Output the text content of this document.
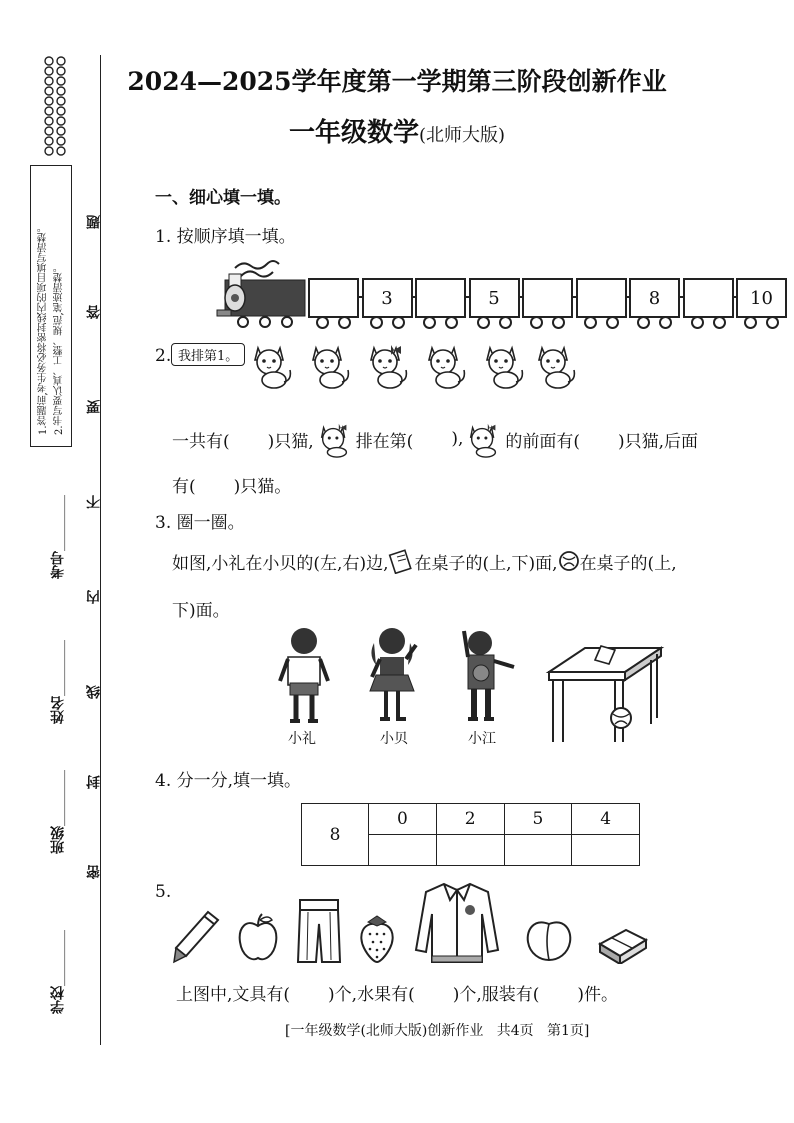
1.答题前,考生务必将密封线内的项目填写清楚。 2.书写要认真、工整、规范,笔迹清楚。
题
答
要
不
内
线
封
密
学校________
班级________
姓名________
考号________
2024—2025学年度第一学期第三阶段创新作业
一年级数学(北师大版)
一、细心填一填。
1. 按顺序填一填。
3	5	8	10
2. 我排第1。
一共有( )只猫, 排在第( ), 的前面有( )只猫,后面
有( )只猫。
3. 圈一圈。
如图,小礼在小贝的(左,右)边, 在桌子的(上,下)面, 在桌子的(上,
下)面。
小礼	小贝	小江
4. 分一分,填一填。
8	0	2	5	4

5.
上图中,文具有( )个,水果有( )个,服装有( )件。
[一年级数学(北师大版)创新作业   共4页   第1页]
